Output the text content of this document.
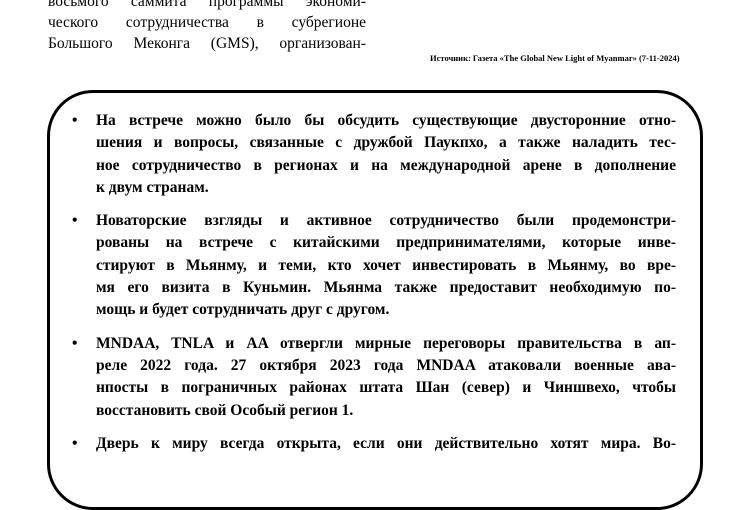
восьмого саммита программы экономи-
ческого сотрудничества в субрегионе
Большого Меконга (GMS), организован-
Источник: Газета «The Global New Light of Myanmar» (7-11-2024)
• На встрече можно было бы обсудить существующие двусторонние отно-
шения и вопросы, связанные с дружбой Паукпхо, а также наладить тес-
ное сотрудничество в регионах и на международной арене в дополнение
к двум странам.
• Новаторские взгляды и активное сотрудничество были продемонстри-
рованы на встрече с китайскими предпринимателями, которые инве-
стируют в Мьянму, и теми, кто хочет инвестировать в Мьянму, во вре-
мя его визита в Куньмин. Мьянма также предоставит необходимую по-
мощь и будет сотрудничать друг с другом.
• MNDAA, TNLA и AA отвергли мирные переговоры правительства в ап-
реле 2022 года. 27 октября 2023 года MNDAA атаковали военные ава-
нпосты в пограничных районах штата Шан (север) и Чиншвехо, чтобы
восстановить свой Особый регион 1.
• Дверь к миру всегда открыта, если они действительно хотят мира. Во-
